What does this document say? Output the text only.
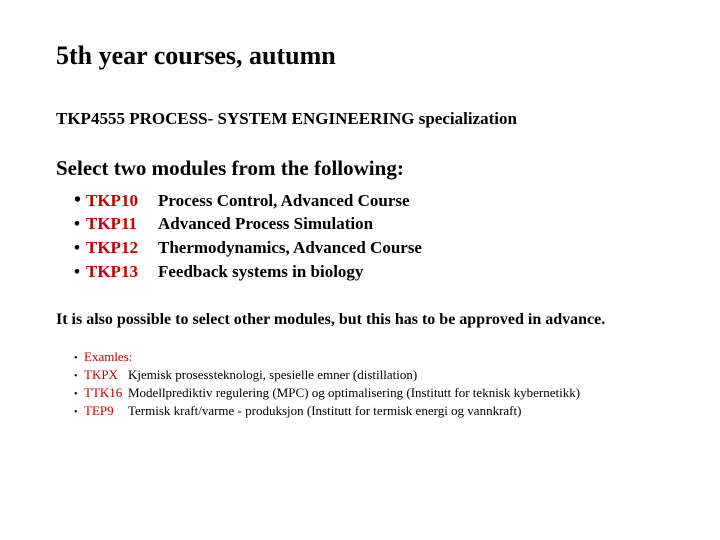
5th year courses, autumn
TKP4555 PROCESS- SYSTEM ENGINEERING specialization
Select two modules from the following:
• TKP10 Process Control, Advanced Course
• TKP11 Advanced Process Simulation
• TKP12 Thermodynamics, Advanced Course
• TKP13 Feedback systems in biology
It is also possible to select other modules, but this has to be approved in advance.
• Examles:
• TKPX Kjemisk prosessteknologi, spesielle emner (distillation)
• TTK16 Modellprediktiv regulering (MPC) og optimalisering (Institutt for teknisk kybernetikk)
• TEP9 Termisk kraft/varme - produksjon (Institutt for termisk energi og vannkraft)
